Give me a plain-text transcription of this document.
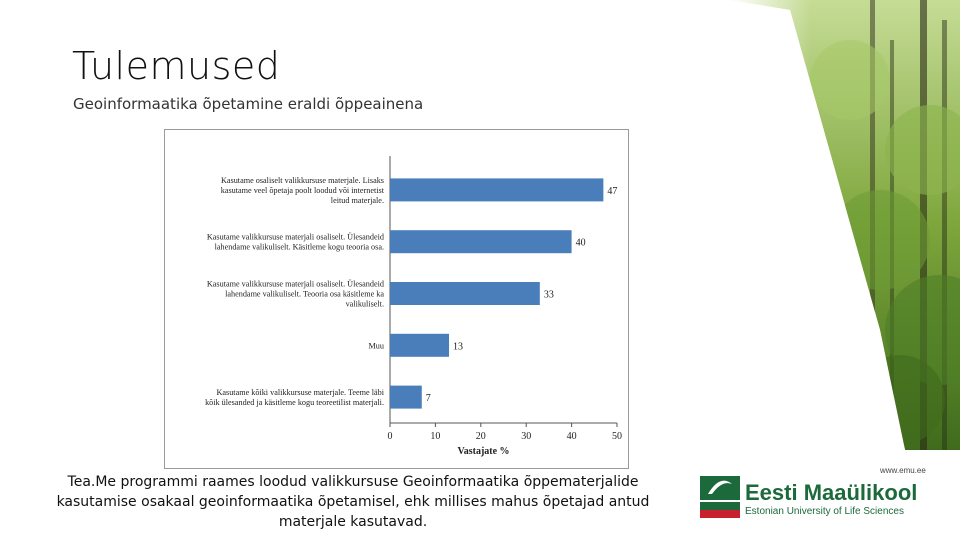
Tulemused
Geoinformaatika õpetamine eraldi õppeainena
47
Kasutame osaliselt valikkursuse materjale. Lisaks
kasutame veel õpetaja poolt loodud või internetist
leitud materjale.
40
Kasutame valikkursuse materjali osaliselt. Ülesandeid
lahendame valikuliselt. Käsitleme kogu teooria osa.
33
Kasutame valikkursuse materjali osaliselt. Ülesandeid
lahendame valikuliselt. Teooria osa käsitleme ka
valikuliselt.
13
Muu
7
Kasutame kõiki valikkursuse materjale. Teeme läbi
kõik ülesanded ja käsitleme kogu teoreetilist materjali.
0	10	20	30	40	50
Vastajate %
Tea.Me programmi raames loodud valikkursuse Geoinformaatika õppematerjalide kasutamise osakaal geoinformaatika õpetamisel, ehk millises mahus õpetajad antud materjale kasutavad.
www.emu.ee
Eesti Maaülikool
Estonian University of Life Sciences
